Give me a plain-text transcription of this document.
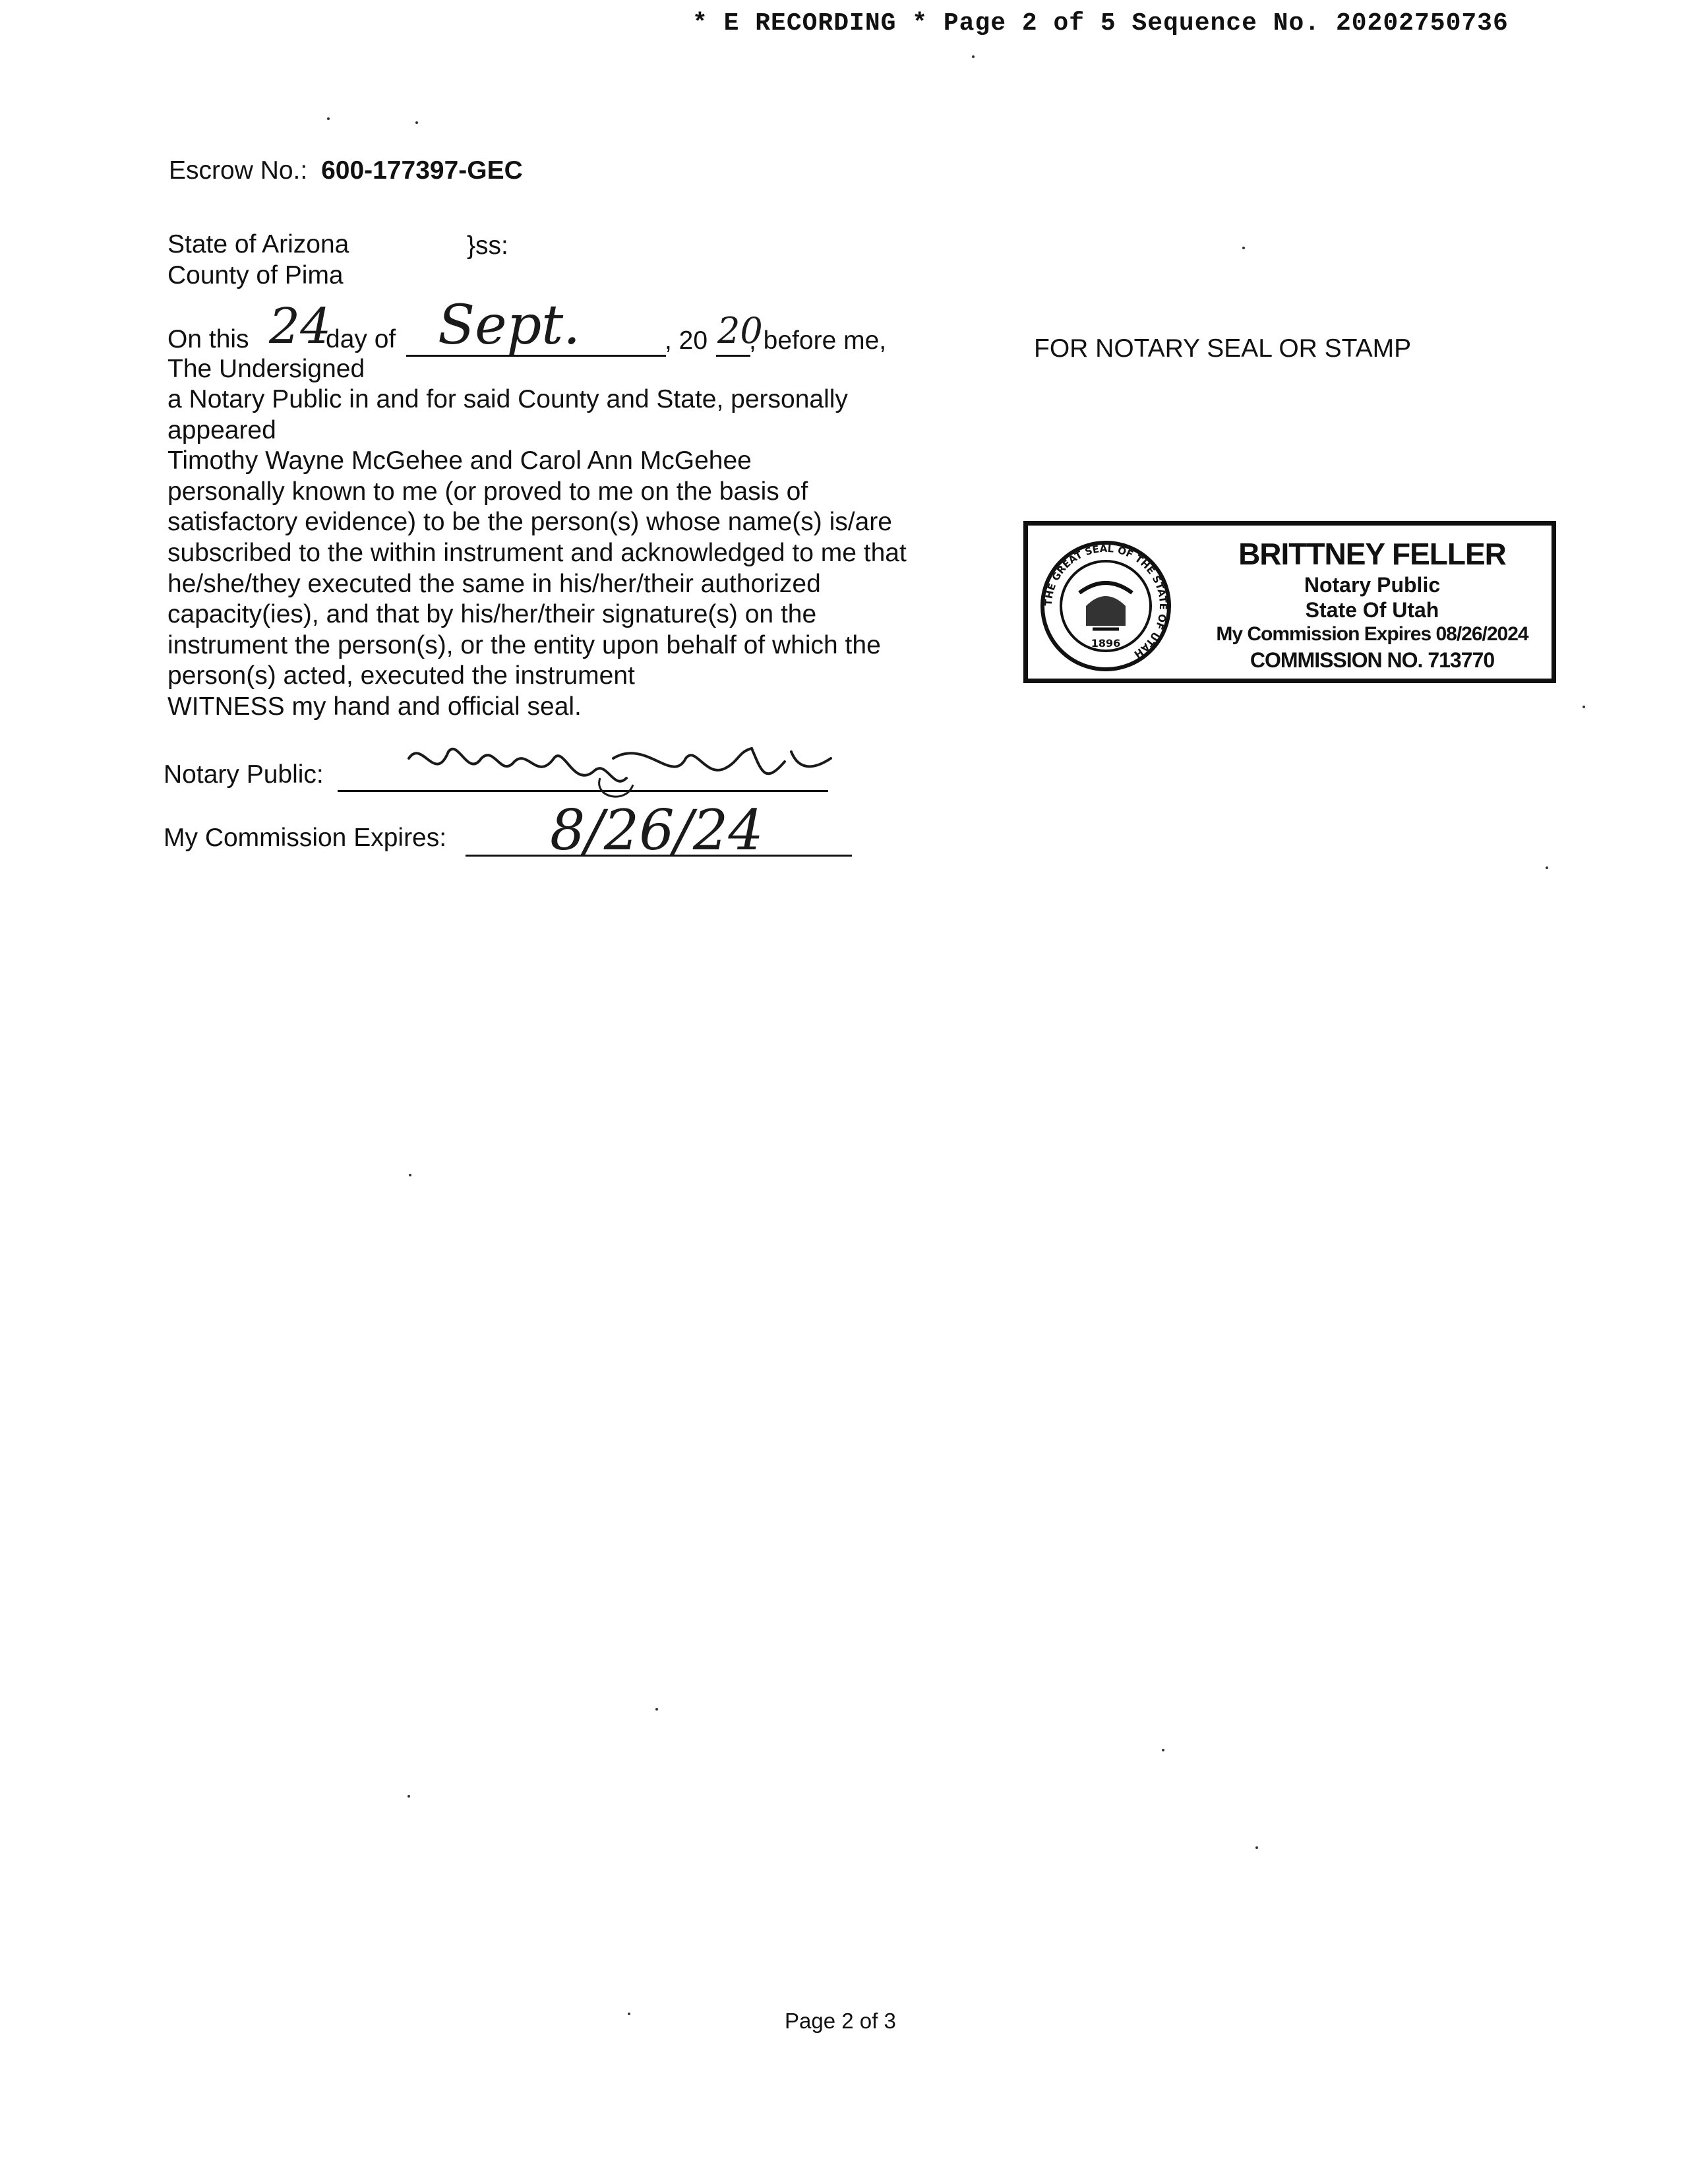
* E RECORDING * Page 2 of 5 Sequence No. 20202750736
Escrow No.: 600-177397-GEC
State of Arizona	}ss:
County of Pima
On this 24
day of Sept.	, 20 20
, before me,
The Undersigned
a Notary Public in and for said County and State, personally
appeared
Timothy Wayne McGehee and Carol Ann McGehee
personally known to me (or proved to me on the basis of
satisfactory evidence) to be the person(s) whose name(s) is/are
subscribed to the within instrument and acknowledged to me that
he/she/they executed the same in his/her/their authorized
capacity(ies), and that by his/her/their signature(s) on the
instrument the person(s), or the entity upon behalf of which the
person(s) acted, executed the instrument
WITNESS my hand and official seal.
Notary Public:
My Commission Expires: 8/26/24
FOR NOTARY SEAL OR STAMP
THE GREAT SEAL OF THE STATE OF UTAH
1896
BRITTNEY FELLER
Notary Public
State Of Utah
My Commission Expires 08/26/2024
COMMISSION NO. 713770
Page 2 of 3
